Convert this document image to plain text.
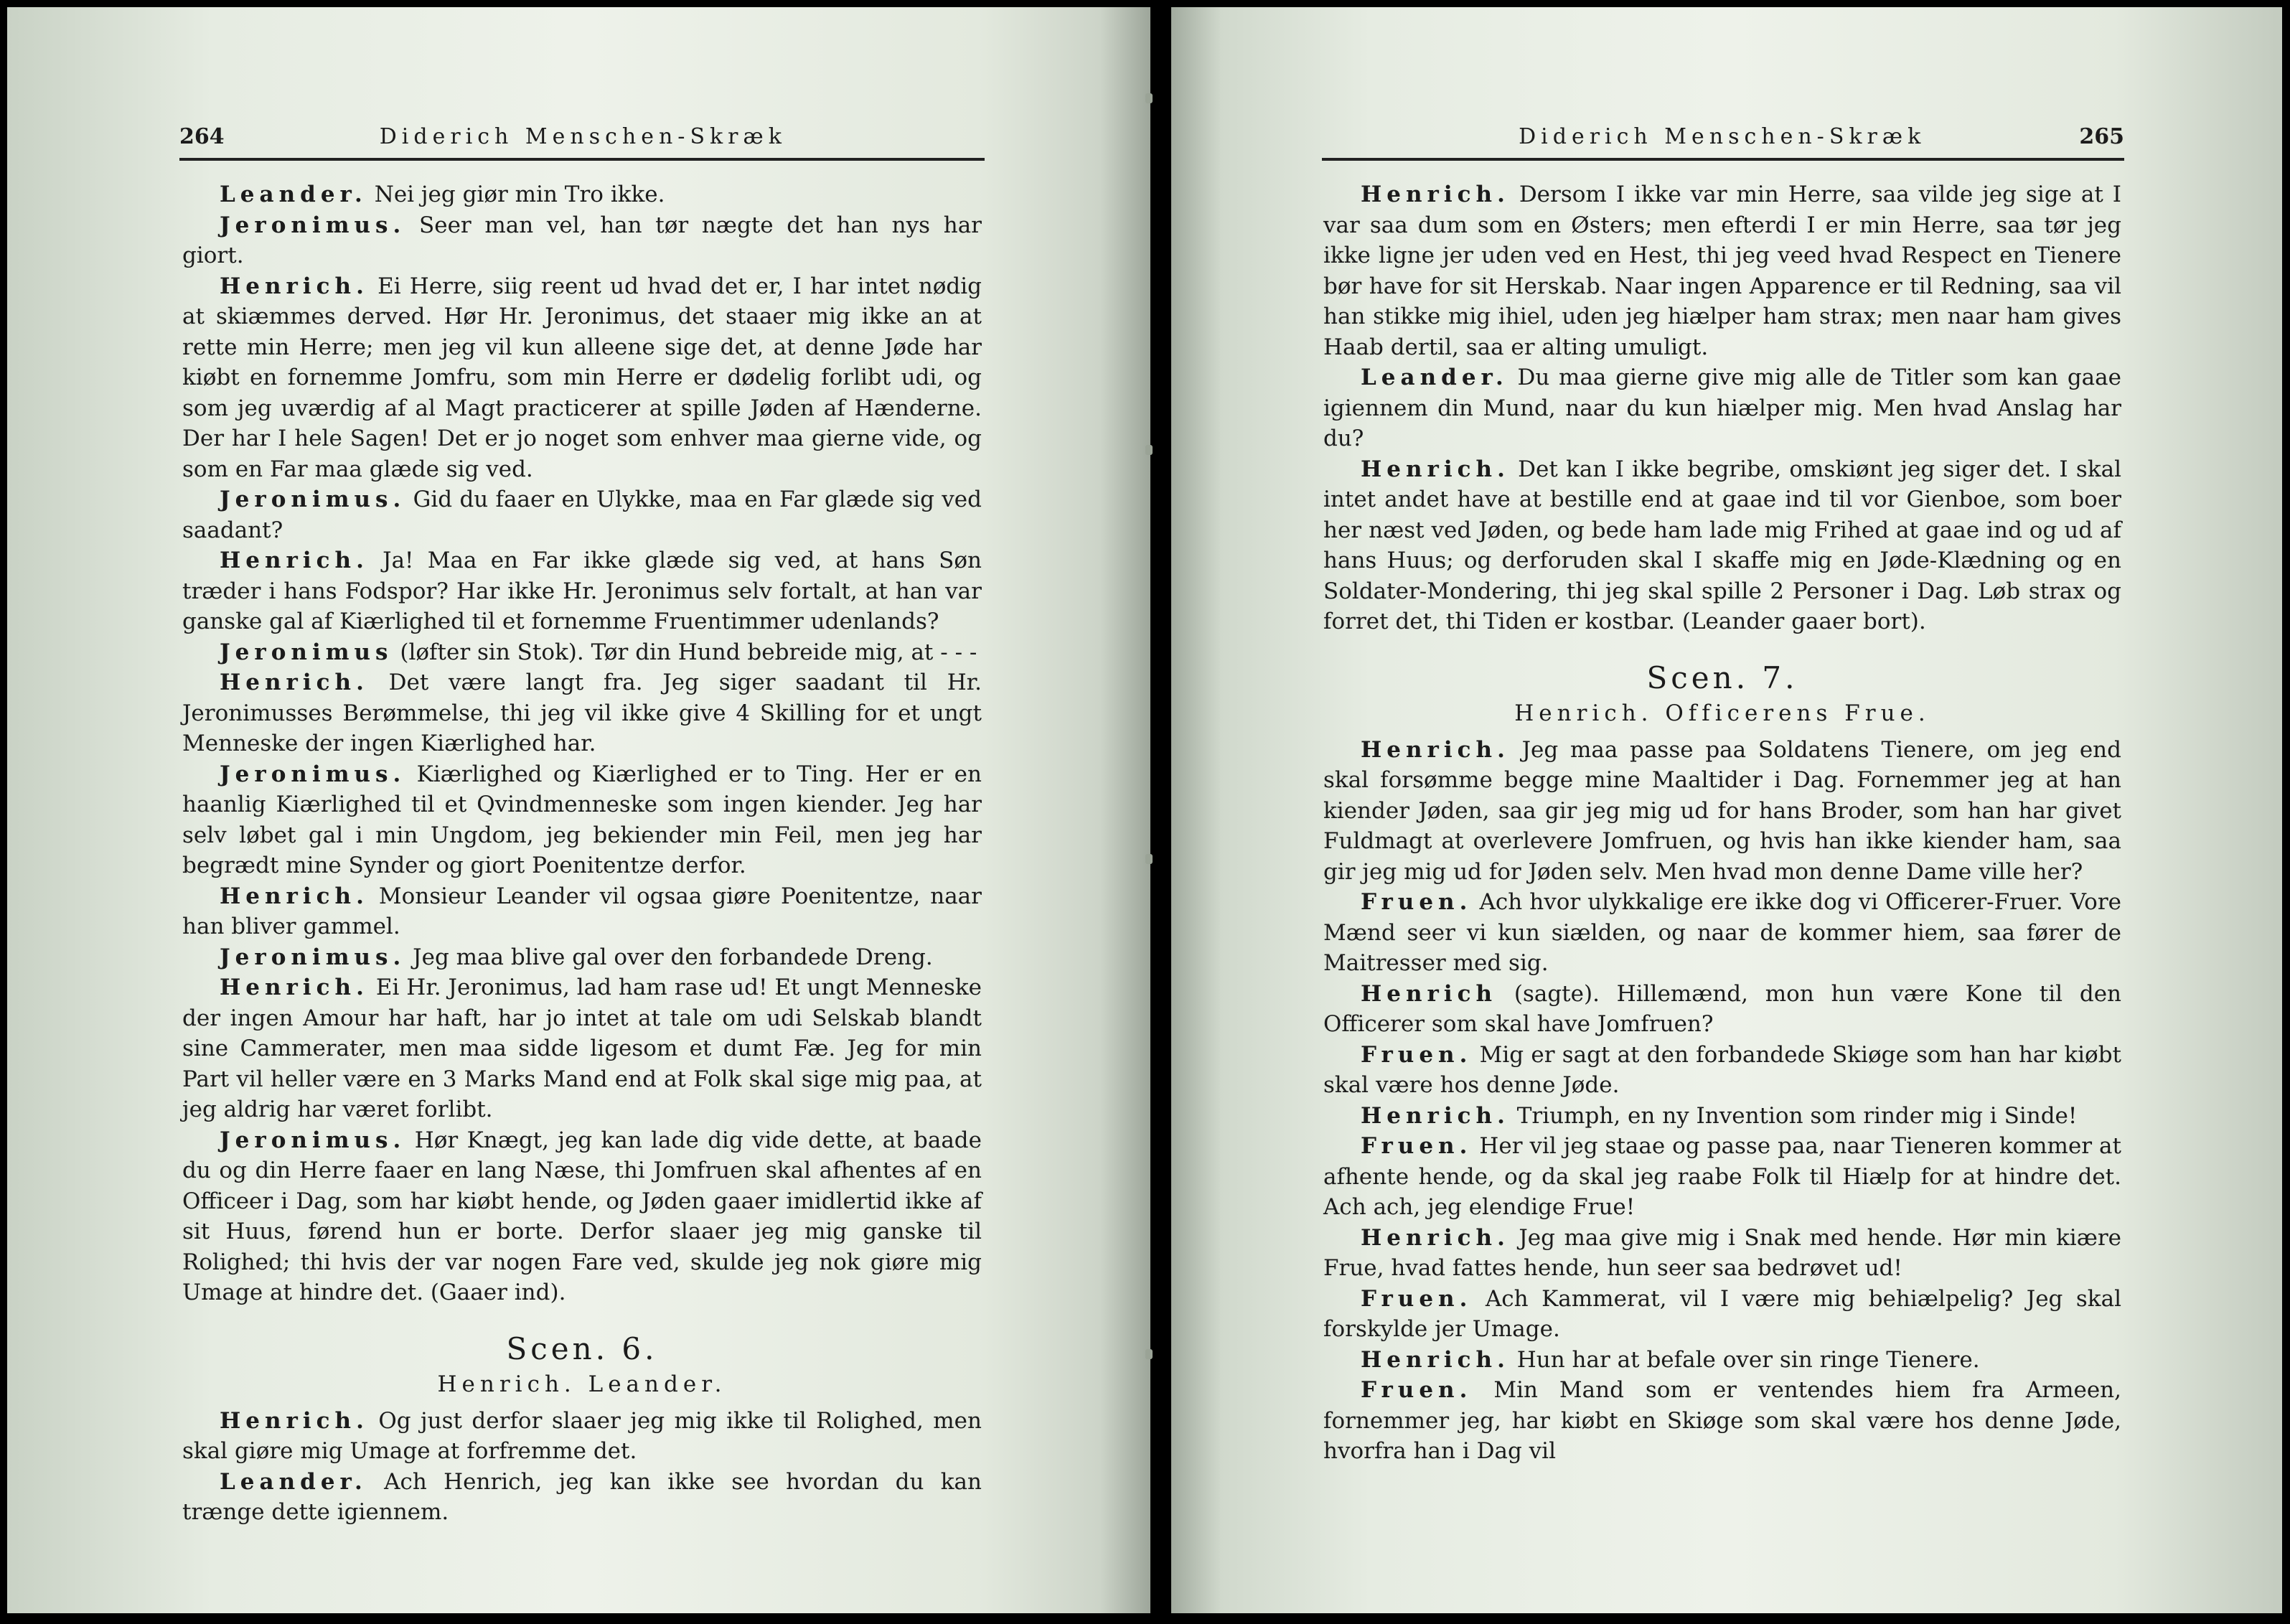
264	Diderich Menschen-Skræk

Leander. Nei jeg giør min Tro ikke.

Jeronimus. Seer man vel, han tør nægte det han nys har giort.

Henrich. Ei Herre, siig reent ud hvad det er, I har intet nødig at skiæmmes derved. Hør Hr. Jeronimus, det staaer mig ikke an at rette min Herre; men jeg vil kun alleene sige det, at denne Jøde har kiøbt en fornemme Jomfru, som min Herre er dødelig forlibt udi, og som jeg uværdig af al Magt practicerer at spille Jøden af Hænderne. Der har I hele Sagen! Det er jo noget som enhver maa gierne vide, og som en Far maa glæde sig ved.

Jeronimus. Gid du faaer en Ulykke, maa en Far glæde sig ved saadant?

Henrich. Ja! Maa en Far ikke glæde sig ved, at hans Søn træder i hans Fodspor? Har ikke Hr. Jeronimus selv fortalt, at han var ganske gal af Kiærlighed til et fornemme Fruentimmer udenlands?

Jeronimus (løfter sin Stok). Tør din Hund bebreide mig, at - - -

Henrich. Det være langt fra. Jeg siger saadant til Hr. Jeronimusses Berømmelse, thi jeg vil ikke give 4 Skilling for et ungt Menneske der ingen Kiærlighed har.

Jeronimus. Kiærlighed og Kiærlighed er to Ting. Her er en haanlig Kiærlighed til et Qvindmenneske som ingen kiender. Jeg har selv løbet gal i min Ungdom, jeg bekiender min Feil, men jeg har begrædt mine Synder og giort Poenitentze derfor.

Henrich. Monsieur Leander vil ogsaa giøre Poenitentze, naar han bliver gammel.

Jeronimus. Jeg maa blive gal over den forbandede Dreng.

Henrich. Ei Hr. Jeronimus, lad ham rase ud! Et ungt Menneske der ingen Amour har haft, har jo intet at tale om udi Selskab blandt sine Cammerater, men maa sidde ligesom et dumt Fæ. Jeg for min Part vil heller være en 3 Marks Mand end at Folk skal sige mig paa, at jeg aldrig har været forlibt.

Jeronimus. Hør Knægt, jeg kan lade dig vide dette, at baade du og din Herre faaer en lang Næse, thi Jomfruen skal afhentes af en Officeer i Dag, som har kiøbt hende, og Jøden gaaer imidlertid ikke af sit Huus, førend hun er borte. Derfor slaaer jeg mig ganske til Rolighed; thi hvis der var nogen Fare ved, skulde jeg nok giøre mig Umage at hindre det. (Gaaer ind).

Scen. 6.

Henrich. Leander.

Henrich. Og just derfor slaaer jeg mig ikke til Rolighed, men skal giøre mig Umage at forfremme det.

Leander. Ach Henrich, jeg kan ikke see hvordan du kan trænge dette igiennem.

Diderich Menschen-Skræk	265

Henrich. Dersom I ikke var min Herre, saa vilde jeg sige at I var saa dum som en Østers; men efterdi I er min Herre, saa tør jeg ikke ligne jer uden ved en Hest, thi jeg veed hvad Respect en Tienere bør have for sit Herskab. Naar ingen Apparence er til Redning, saa vil han stikke mig ihiel, uden jeg hiælper ham strax; men naar ham gives Haab dertil, saa er alting umuligt.

Leander. Du maa gierne give mig alle de Titler som kan gaae igiennem din Mund, naar du kun hiælper mig. Men hvad Anslag har du?

Henrich. Det kan I ikke begribe, omskiønt jeg siger det. I skal intet andet have at bestille end at gaae ind til vor Gienboe, som boer her næst ved Jøden, og bede ham lade mig Frihed at gaae ind og ud af hans Huus; og derforuden skal I skaffe mig en Jøde-Klædning og en Soldater-Mondering, thi jeg skal spille 2 Personer i Dag. Løb strax og forret det, thi Tiden er kostbar. (Leander gaaer bort).

Scen. 7.

Henrich. Officerens Frue.

Henrich. Jeg maa passe paa Soldatens Tienere, om jeg end skal forsømme begge mine Maaltider i Dag. Fornemmer jeg at han kiender Jøden, saa gir jeg mig ud for hans Broder, som han har givet Fuldmagt at overlevere Jomfruen, og hvis han ikke kiender ham, saa gir jeg mig ud for Jøden selv. Men hvad mon denne Dame ville her?

Fruen. Ach hvor ulykkalige ere ikke dog vi Officerer-Fruer. Vore Mænd seer vi kun siælden, og naar de kommer hiem, saa fører de Maitresser med sig.

Henrich (sagte). Hillemænd, mon hun være Kone til den Officerer som skal have Jomfruen?

Fruen. Mig er sagt at den forbandede Skiøge som han har kiøbt skal være hos denne Jøde.

Henrich. Triumph, en ny Invention som rinder mig i Sinde!

Fruen. Her vil jeg staae og passe paa, naar Tieneren kommer at afhente hende, og da skal jeg raabe Folk til Hiælp for at hindre det. Ach ach, jeg elendige Frue!

Henrich. Jeg maa give mig i Snak med hende. Hør min kiære Frue, hvad fattes hende, hun seer saa bedrøvet ud!

Fruen. Ach Kammerat, vil I være mig behiælpelig? Jeg skal forskylde jer Umage.

Henrich. Hun har at befale over sin ringe Tienere.

Fruen. Min Mand som er ventendes hiem fra Armeen, fornemmer jeg, har kiøbt en Skiøge som skal være hos denne Jøde, hvorfra han i Dag vil
